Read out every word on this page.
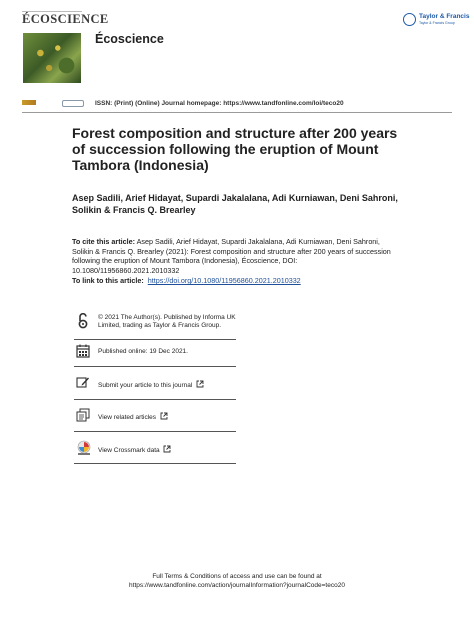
ÉCOSCIENCE
Écoscience
Taylor & Francis
Taylor & Francis Group
ISSN: (Print) (Online) Journal homepage: https://www.tandfonline.com/loi/teco20
Forest composition and structure after 200 years of succession following the eruption of Mount Tambora (Indonesia)
Asep Sadili, Arief Hidayat, Supardi Jakalalana, Adi Kurniawan, Deni Sahroni, Solikin & Francis Q. Brearley
To cite this article: Asep Sadili, Arief Hidayat, Supardi Jakalalana, Adi Kurniawan, Deni Sahroni, Solikin & Francis Q. Brearley (2021): Forest composition and structure after 200 years of succession following the eruption of Mount Tambora (Indonesia), Écoscience, DOI: 10.1080/11956860.2021.2010332
To link to this article: https://doi.org/10.1080/11956860.2021.2010332
© 2021 The Author(s). Published by Informa UK Limited, trading as Taylor & Francis Group.
Published online: 19 Dec 2021.
Submit your article to this journal
View related articles
View Crossmark data
Full Terms & Conditions of access and use can be found at
https://www.tandfonline.com/action/journalInformation?journalCode=teco20
